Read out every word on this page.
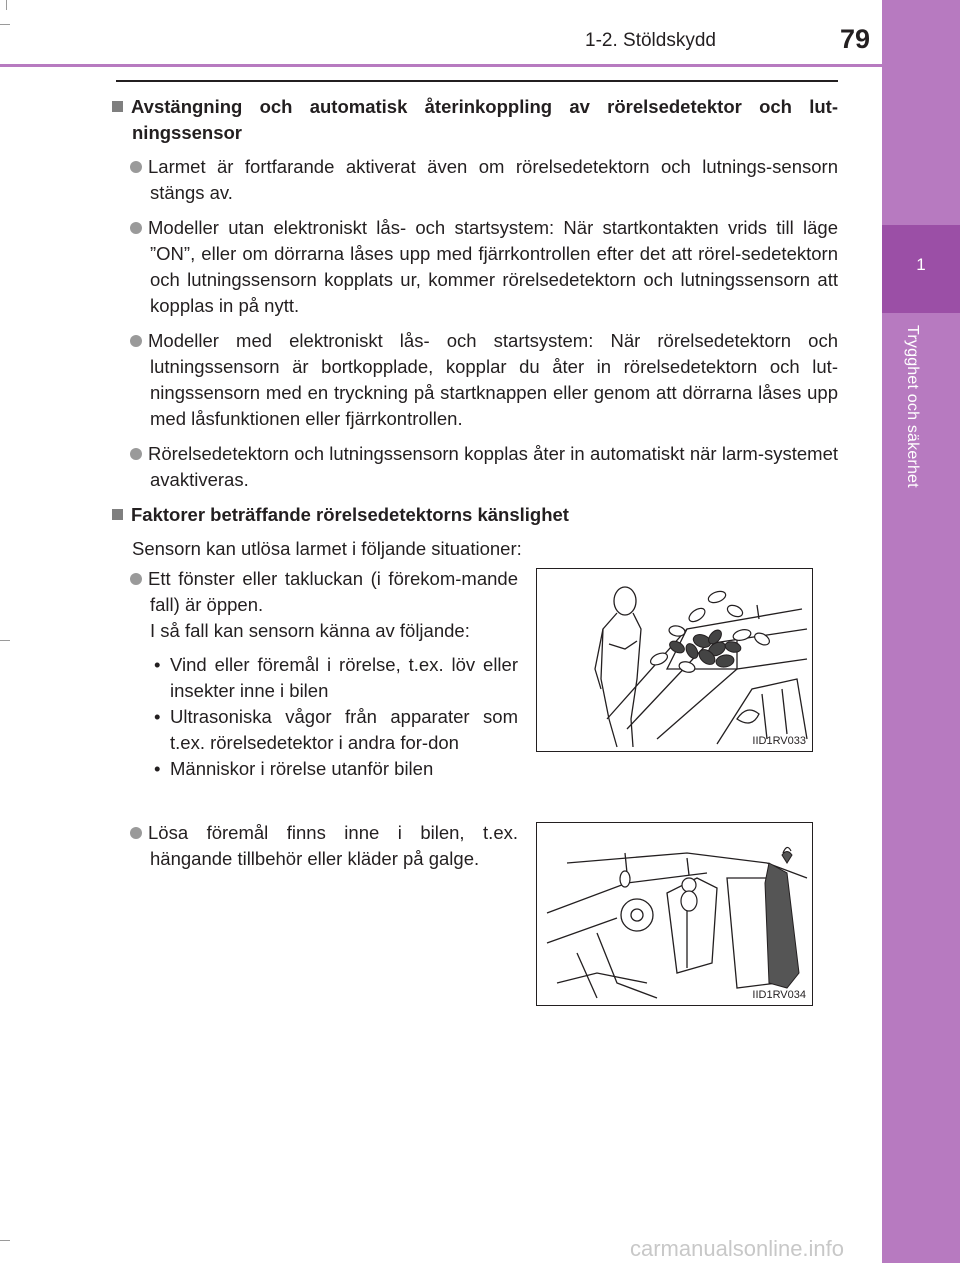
1-2. Stöldskydd	79
1
Trygghet och säkerhet

Avstängning och automatisk återinkoppling av rörelsedetektor och lut-ningssensor

Larmet är fortfarande aktiverat även om rörelsedetektorn och lutnings-sensorn stängs av.

Modeller utan elektroniskt lås- och startsystem: När startkontakten vrids till läge ”ON”, eller om dörrarna låses upp med fjärrkontrollen efter det att rörel-sedetektorn och lutningssensorn kopplats ur, kommer rörelsedetektorn och lutningssensorn att kopplas in på nytt.

Modeller med elektroniskt lås- och startsystem: När rörelsedetektorn och lutningssensorn är bortkopplade, kopplar du åter in rörelsedetektorn och lut-ningssensorn med en tryckning på startknappen eller genom att dörrarna låses upp med låsfunktionen eller fjärrkontrollen.

Rörelsedetektorn och lutningssensorn kopplas åter in automatiskt när larm-systemet avaktiveras.

Faktorer beträffande rörelsedetektorns känslighet

Sensorn kan utlösa larmet i följande situationer:

Ett fönster eller takluckan (i förekom-mande fall) är öppen.

I så fall kan sensorn känna av följande:

• Vind eller föremål i rörelse, t.ex. löv eller insekter inne i bilen

• Ultrasoniska vågor från apparater som t.ex. rörelsedetektor i andra for-don

• Människor i rörelse utanför bilen

Lösa föremål finns inne i bilen, t.ex. hängande tillbehör eller kläder på galge.

IID1RV033
IID1RV034
carmanualsonline.info
